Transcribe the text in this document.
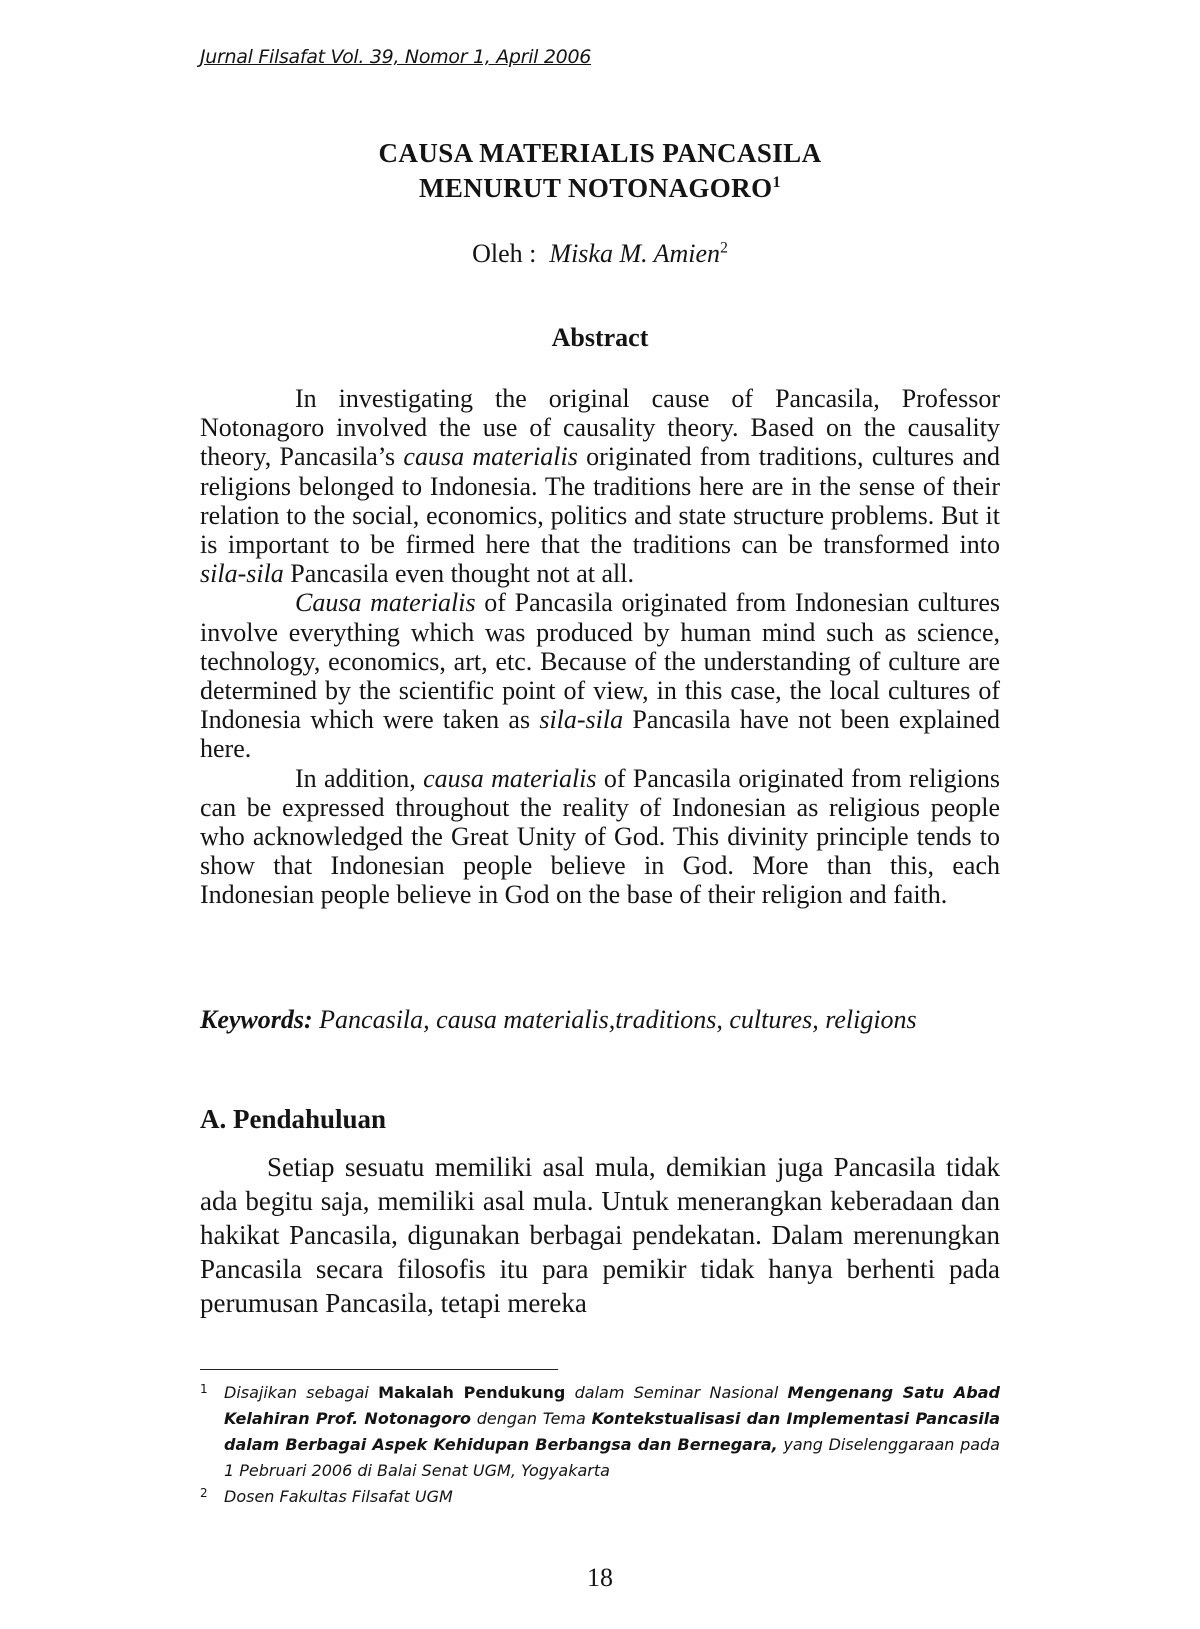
Jurnal Filsafat Vol. 39, Nomor 1, April 2006
CAUSA MATERIALIS PANCASILA
MENURUT NOTONAGORO$^1$
Oleh : Miska M. Amien$^2$
Abstract

In investigating the original cause of Pancasila, Professor Notonagoro involved the use of causality theory. Based on the causality theory, Pancasila’s causa materialis originated from traditions, cultures and religions belonged to Indonesia. The traditions here are in the sense of their relation to the social, economics, politics and state structure problems. But it is important to be firmed here that the traditions can be transformed into sila-sila Pancasila even thought not at all.

Causa materialis of Pancasila originated from Indonesian cultures involve everything which was produced by human mind such as science, technology, economics, art, etc. Because of the understanding of culture are determined by the scientific point of view, in this case, the local cultures of Indonesia which were taken as sila-sila Pancasila have not been explained here.

In addition, causa materialis of Pancasila originated from religions can be expressed throughout the reality of Indonesian as religious people who acknowledged the Great Unity of God. This divinity principle tends to show that Indonesian people believe in God. More than this, each Indonesian people believe in God on the base of their religion and faith.

Keywords: Pancasila, causa materialis,traditions, cultures, religions
A. Pendahuluan

Setiap sesuatu memiliki asal mula, demikian juga Pancasila tidak ada begitu saja, memiliki asal mula. Untuk menerangkan keberadaan dan hakikat Pancasila, digunakan berbagai pendekatan. Dalam merenungkan Pancasila secara filosofis itu para pemikir tidak hanya berhenti pada perumusan Pancasila, tetapi mereka

1 Disajikan sebagai Makalah Pendukung dalam Seminar Nasional Mengenang Satu Abad Kelahiran Prof. Notonagoro dengan Tema Kontekstualisasi dan Implementasi Pancasila dalam Berbagai Aspek Kehidupan Berbangsa dan Bernegara, yang Diselenggaraan pada 1 Pebruari 2006 di Balai Senat UGM, Yogyakarta
2 Dosen Fakultas Filsafat UGM
18
